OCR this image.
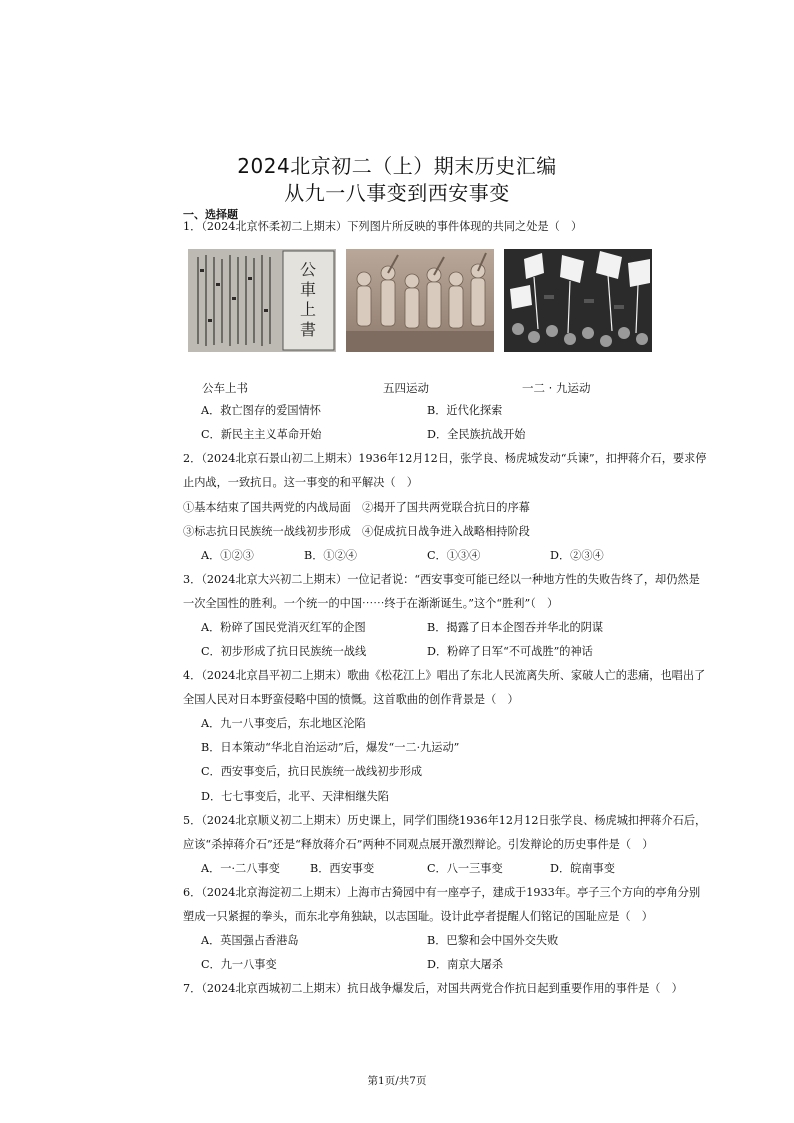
2024北京初二（上）期末历史汇编
从九一八事变到西安事变
一、选择题
1．（2024北京怀柔初二上期末）下列图片所反映的事件体现的共同之处是（　）
公
車
上
書
公车上书	五四运动	一二 · 九运动
A．救亡图存的爱国情怀	B．近代化探索
C．新民主主义革命开始	D．全民族抗战开始
2．（2024北京石景山初二上期末）1936年12月12日，张学良、杨虎城发动“兵谏”，扣押蒋介石，要求停
止内战，一致抗日。这一事变的和平解决（　）
①基本结束了国共两党的内战局面　②揭开了国共两党联合抗日的序幕
③标志抗日民族统一战线初步形成　④促成抗日战争进入战略相持阶段
A．①②③	B．①②④	C．①③④	D．②③④
3．（2024北京大兴初二上期末）一位记者说：“西安事变可能已经以一种地方性的失败告终了，却仍然是
一次全国性的胜利。一个统一的中国⋯⋯终于在渐渐诞生。”这个“胜利”（　）
A．粉碎了国民党消灭红军的企图	B．揭露了日本企图吞并华北的阴谋
C．初步形成了抗日民族统一战线	D．粉碎了日军“不可战胜”的神话
4．（2024北京昌平初二上期末）歌曲《松花江上》唱出了东北人民流离失所、家破人亡的悲痛，也唱出了
全国人民对日本野蛮侵略中国的愤慨。这首歌曲的创作背景是（　）
A．九一八事变后，东北地区沦陷
B．日本策动“华北自治运动”后，爆发“一二·九运动”
C．西安事变后，抗日民族统一战线初步形成
D．七七事变后，北平、天津相继失陷
5．（2024北京顺义初二上期末）历史课上，同学们围绕1936年12月12日张学良、杨虎城扣押蒋介石后，
应该“杀掉蒋介石”还是“释放蒋介石”两种不同观点展开激烈辩论。引发辩论的历史事件是（　）
A．一·二八事变	B．西安事变	C．八一三事变	D．皖南事变
6．（2024北京海淀初二上期末）上海市古猗园中有一座亭子，建成于1933年。亭子三个方向的亭角分别
塑成一只紧握的拳头，而东北亭角独缺，以志国耻。设计此亭者提醒人们铭记的国耻应是（　）
A．英国强占香港岛	B．巴黎和会中国外交失败
C．九一八事变	D．南京大屠杀
7．（2024北京西城初二上期末）抗日战争爆发后，对国共两党合作抗日起到重要作用的事件是（　）
第1页/共7页
